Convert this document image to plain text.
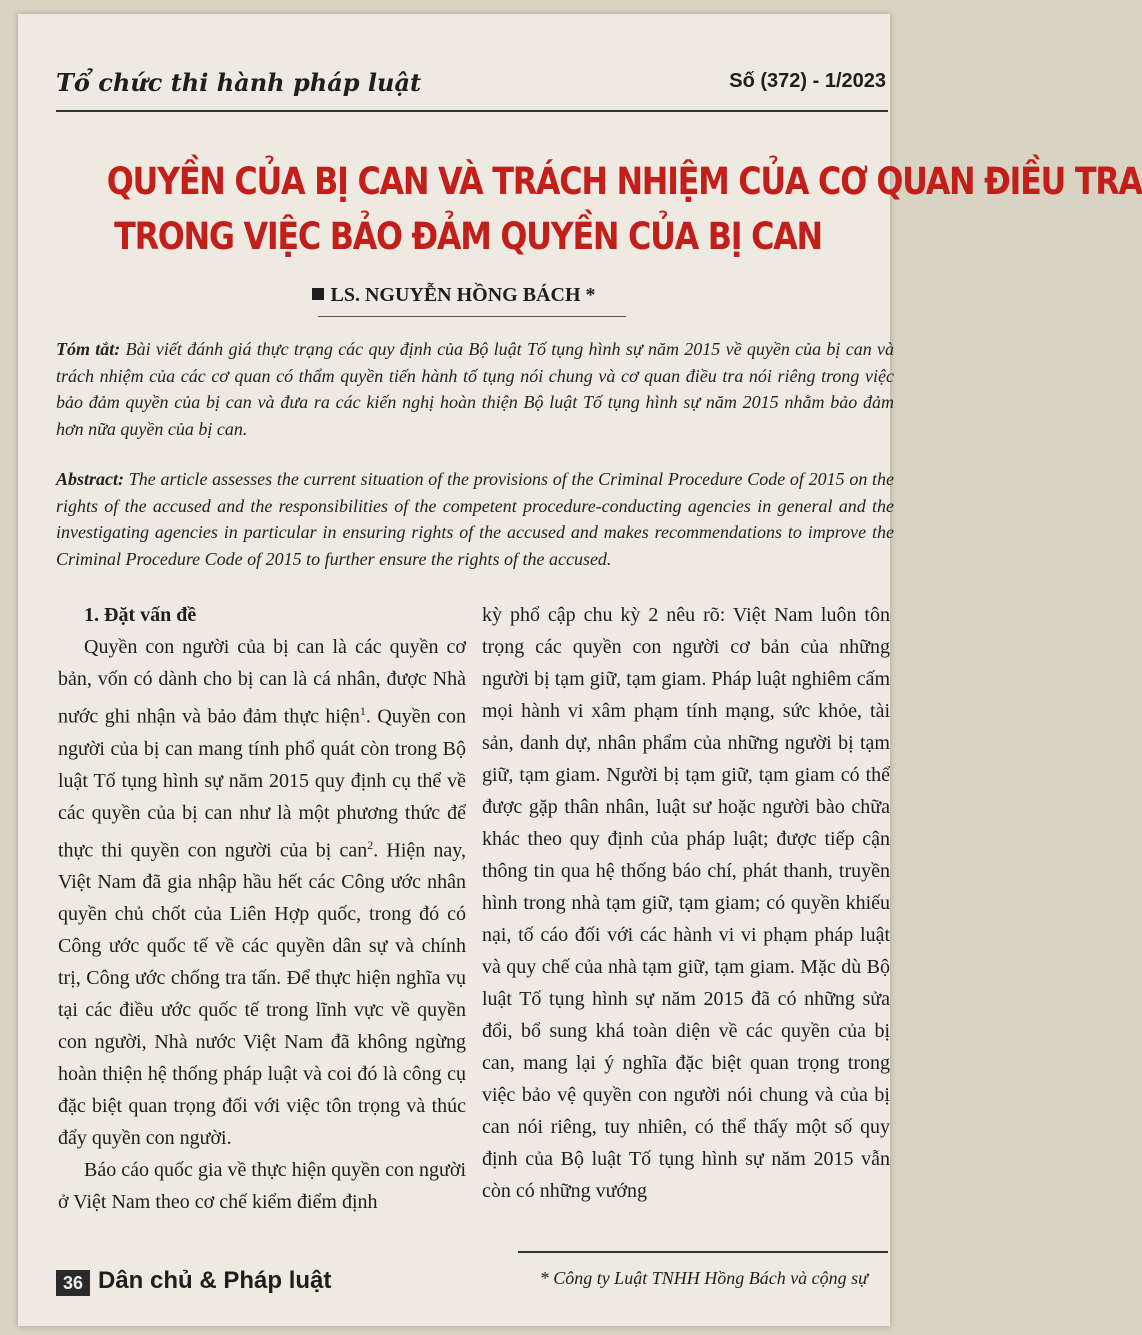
Tổ chức thi hành pháp luật	Số (372) - 1/2023
QUYỀN CỦA BỊ CAN VÀ TRÁCH NHIỆM CỦA CƠ QUAN ĐIỀU TRA
TRONG VIỆC BẢO ĐẢM QUYỀN CỦA BỊ CAN
LS. NGUYỄN HỒNG BÁCH *
Tóm tắt: Bài viết đánh giá thực trạng các quy định của Bộ luật Tố tụng hình sự năm 2015 về quyền của bị can và trách nhiệm của các cơ quan có thẩm quyền tiến hành tố tụng nói chung và cơ quan điều tra nói riêng trong việc bảo đảm quyền của bị can và đưa ra các kiến nghị hoàn thiện Bộ luật Tố tụng hình sự năm 2015 nhằm bảo đảm hơn nữa quyền của bị can.
Abstract: The article assesses the current situation of the provisions of the Criminal Procedure Code of 2015 on the rights of the accused and the responsibilities of the competent procedure-conducting agencies in general and the investigating agencies in particular in ensuring rights of the accused and makes recommendations to improve the Criminal Procedure Code of 2015 to further ensure the rights of the accused.

1. Đặt vấn đề

Quyền con người của bị can là các quyền cơ bản, vốn có dành cho bị can là cá nhân, được Nhà nước ghi nhận và bảo đảm thực hiện$^1$. Quyền con người của bị can mang tính phổ quát còn trong Bộ luật Tố tụng hình sự năm 2015 quy định cụ thể về các quyền của bị can như là một phương thức để thực thi quyền con người của bị can$^2$. Hiện nay, Việt Nam đã gia nhập hầu hết các Công ước nhân quyền chủ chốt của Liên Hợp quốc, trong đó có Công ước quốc tế về các quyền dân sự và chính trị, Công ước chống tra tấn. Để thực hiện nghĩa vụ tại các điều ước quốc tế trong lĩnh vực về quyền con người, Nhà nước Việt Nam đã không ngừng hoàn thiện hệ thống pháp luật và coi đó là công cụ đặc biệt quan trọng đối với việc tôn trọng và thúc đẩy quyền con người.

Báo cáo quốc gia về thực hiện quyền con người ở Việt Nam theo cơ chế kiểm điểm định

kỳ phổ cập chu kỳ 2 nêu rõ: Việt Nam luôn tôn trọng các quyền con người cơ bản của những người bị tạm giữ, tạm giam. Pháp luật nghiêm cấm mọi hành vi xâm phạm tính mạng, sức khỏe, tài sản, danh dự, nhân phẩm của những người bị tạm giữ, tạm giam. Người bị tạm giữ, tạm giam có thể được gặp thân nhân, luật sư hoặc người bào chữa khác theo quy định của pháp luật; được tiếp cận thông tin qua hệ thống báo chí, phát thanh, truyền hình trong nhà tạm giữ, tạm giam; có quyền khiếu nại, tố cáo đối với các hành vi vi phạm pháp luật và quy chế của nhà tạm giữ, tạm giam. Mặc dù Bộ luật Tố tụng hình sự năm 2015 đã có những sửa đổi, bổ sung khá toàn diện về các quyền của bị can, mang lại ý nghĩa đặc biệt quan trọng trong việc bảo vệ quyền con người nói chung và của bị can nói riêng, tuy nhiên, có thể thấy một số quy định của Bộ luật Tố tụng hình sự năm 2015 vẫn còn có những vướng

36 Dân chủ & Pháp luật	* Công ty Luật TNHH Hồng Bách và cộng sự
